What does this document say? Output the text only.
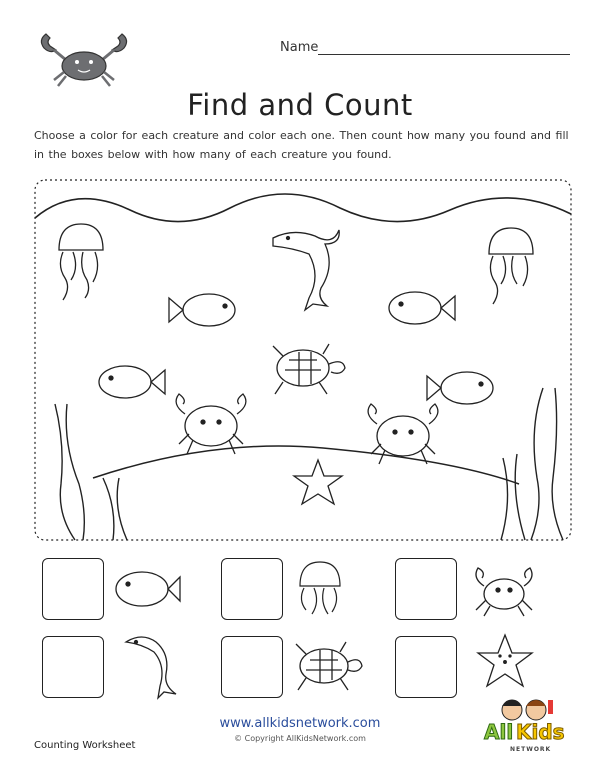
Name
Find and Count
Choose a color for each creature and color each one. Then count how many you found and fill in the boxes below with how many of each creature you found.
www.allkidsnetwork.com
© Copyright AllKidsNetwork.com
Counting Worksheet
All Kids
NETWORK
